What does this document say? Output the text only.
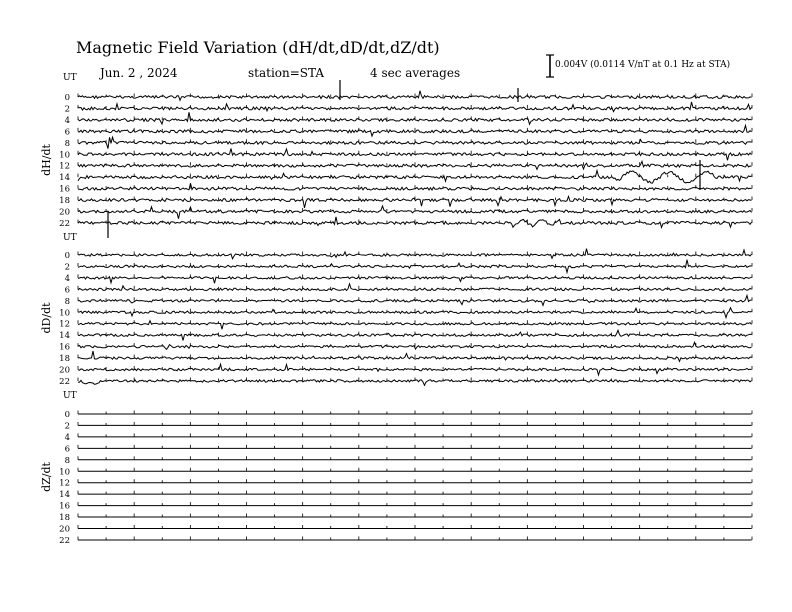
UT
dH/dt
0
2
4
6
8
10
12
14
16
18
20
22
UT
dD/dt
0
2
4
6
8
10
12
14
16
18
20
22
UT
dZ/dt
0
2
4
6
8
10
12
14
16
18
20
22
Magnetic Field Variation (dH/dt,dD/dt,dZ/dt)
Jun. 2 , 2024	station=STA	4 sec averages
0.004V (0.0114 V/nT at 0.1 Hz at STA)
